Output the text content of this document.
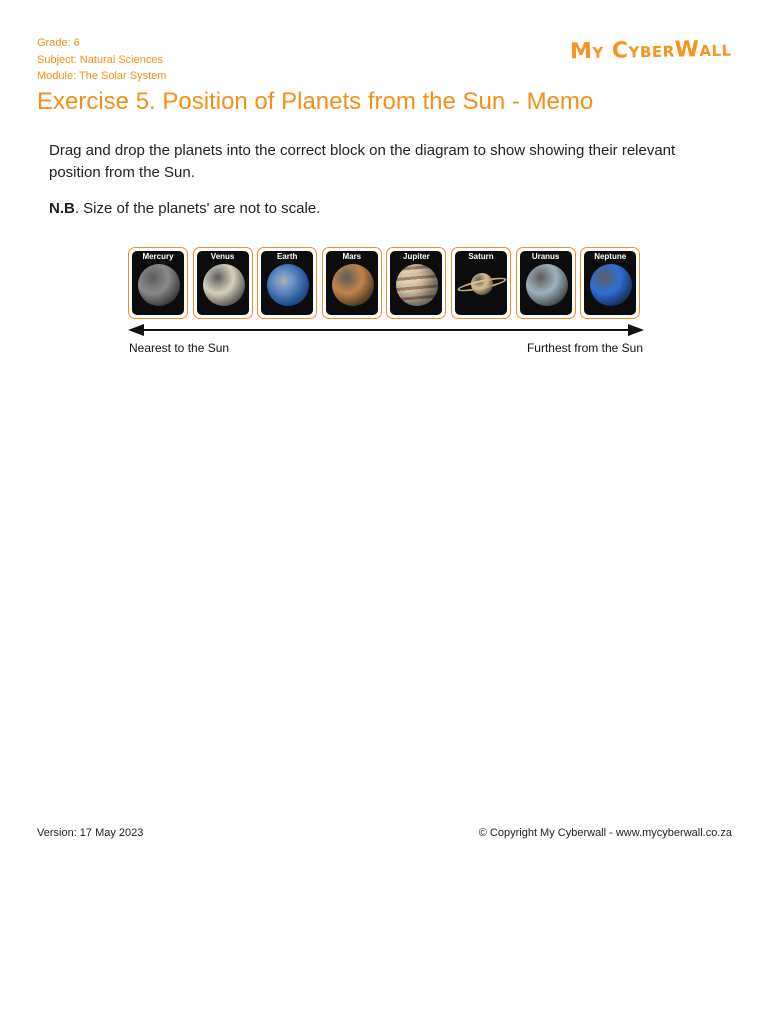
Grade: 6
Subject: Natural Sciences
Module: The Solar System
My CyberWall
Exercise 5. Position of Planets from the Sun - Memo

Drag and drop the planets into the correct block on the diagram to show showing their relevant position from the Sun.

N.B. Size of the planets' are not to scale.

Mercury	Venus	Earth	Mars	Jupiter	Saturn	Uranus	Neptune
Nearest to the Sun	Furthest from the Sun
Version: 17 May 2023	© Copyright My Cyberwall - www.mycyberwall.co.za
